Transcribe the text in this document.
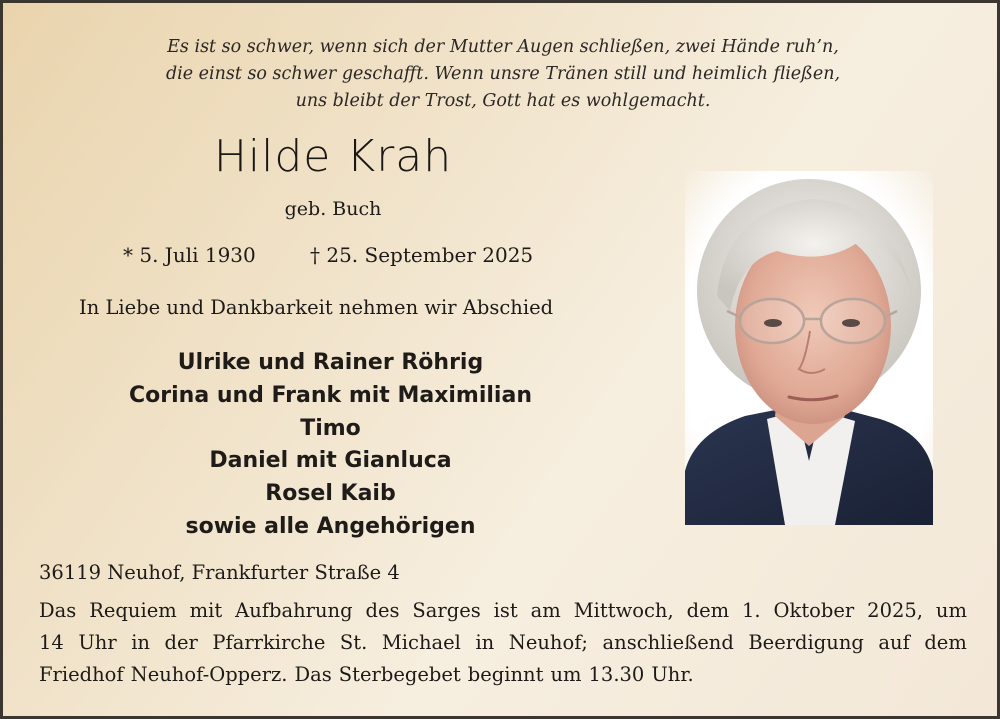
Es ist so schwer, wenn sich der Mutter Augen schließen, zwei Hände ruh’n,
die einst so schwer geschafft. Wenn unsre Tränen still und heimlich fließen,
uns bleibt der Trost, Gott hat es wohlgemacht.
Hilde Krah
geb. Buch
* 5. Juli 1930	† 25. September 2025
In Liebe und Dankbarkeit nehmen wir Abschied
Ulrike und Rainer Röhrig
Corina und Frank mit Maximilian
Timo
Daniel mit Gianluca
Rosel Kaib
sowie alle Angehörigen
36119 Neuhof, Frankfurter Straße 4
Das Requiem mit Aufbahrung des Sarges ist am Mittwoch, dem 1. Oktober 2025, um
14 Uhr in der Pfarrkirche St. Michael in Neuhof; anschließend Beerdigung auf dem
Friedhof Neuhof-Opperz. Das Sterbegebet beginnt um 13.30 Uhr.
